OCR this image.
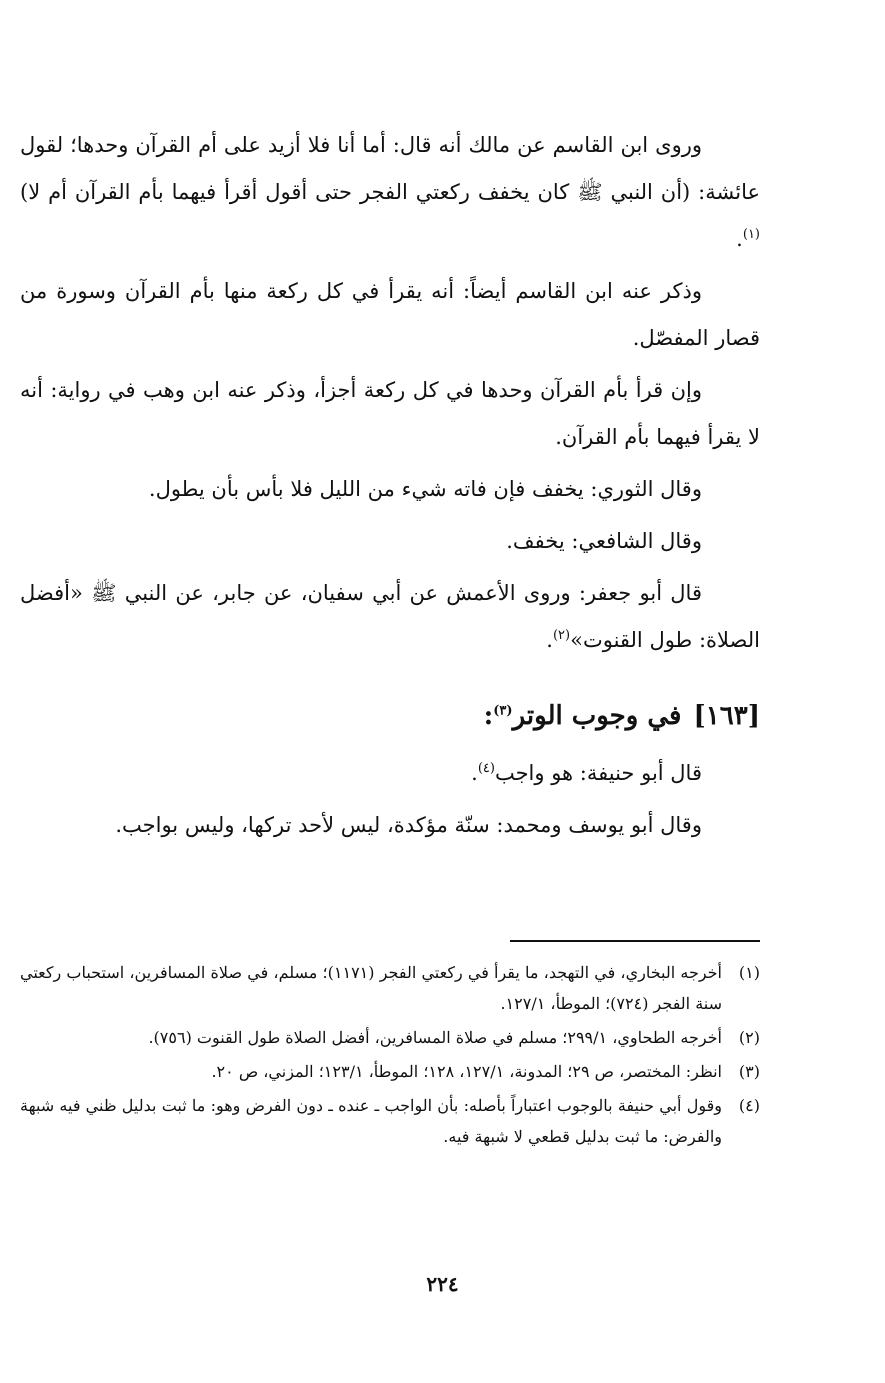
وروى ابن القاسم عن مالك أنه قال: أما أنا فلا أزيد على أم القرآن وحدها؛ لقول عائشة: (أن النبي ﷺ كان يخفف ركعتي الفجر حتى أقول أقرأ فيهما بأم القرآن أم لا)$^{(١)}$.

وذكر عنه ابن القاسم أيضاً: أنه يقرأ في كل ركعة منها بأم القرآن وسورة من قصار المفصّل.

وإن قرأ بأم القرآن وحدها في كل ركعة أجزأ، وذكر عنه ابن وهب في رواية: أنه لا يقرأ فيهما بأم القرآن.

وقال الثوري: يخفف فإن فاته شيء من الليل فلا بأس بأن يطول.

وقال الشافعي: يخفف.

قال أبو جعفر: وروى الأعمش عن أبي سفيان، عن جابر، عن النبي ﷺ «أفضل الصلاة: طول القنوت»$^{(٢)}$.

[١٦٣]في وجوب الوتر$^{(٣)}$:

قال أبو حنيفة: هو واجب$^{(٤)}$.

وقال أبو يوسف ومحمد: سنّة مؤكدة، ليس لأحد تركها، وليس بواجب.

(١)
أخرجه البخاري، في التهجد، ما يقرأ في ركعتي الفجر (١١٧١)؛ مسلم، في صلاة المسافرين، استحباب ركعتي سنة الفجر (٧٢٤)؛ الموطأ، ١٢٧/١.
(٢)
أخرجه الطحاوي، ٢٩٩/١؛ مسلم في صلاة المسافرين، أفضل الصلاة طول القنوت (٧٥٦).
(٣)
انظر: المختصر، ص ٢٩؛ المدونة، ١٢٧/١، ١٢٨؛ الموطأ، ١٢٣/١؛ المزني، ص ٢٠.
(٤)
وقول أبي حنيفة بالوجوب اعتباراً بأصله: بأن الواجب ـ عنده ـ دون الفرض وهو: ما ثبت بدليل ظني فيه شبهة والفرض: ما ثبت بدليل قطعي لا شبهة فيه.
٢٢٤
